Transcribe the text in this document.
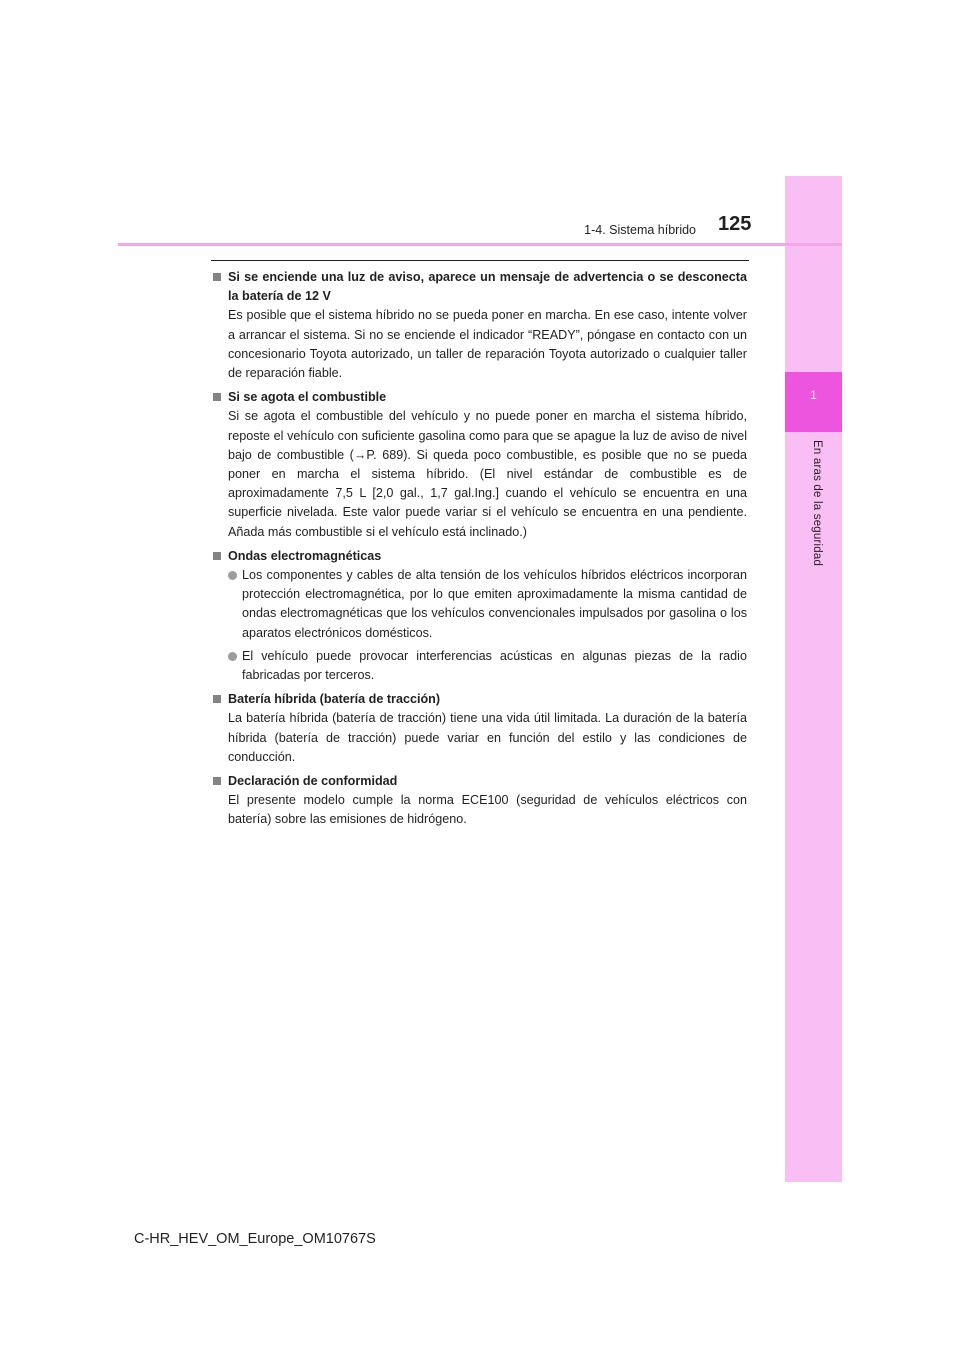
1
En aras de la seguridad
1-4. Sistema híbrido 125
Si se enciende una luz de aviso, aparece un mensaje de advertencia o se desconecta la batería de 12 V
Es posible que el sistema híbrido no se pueda poner en marcha. En ese caso, intente volver a arrancar el sistema. Si no se enciende el indicador “READY”, póngase en contacto con un concesionario Toyota autorizado, un taller de reparación Toyota autorizado o cualquier taller de reparación fiable.
Si se agota el combustible
Si se agota el combustible del vehículo y no puede poner en marcha el sistema híbrido, reposte el vehículo con suficiente gasolina como para que se apague la luz de aviso de nivel bajo de combustible (→P. 689). Si queda poco combustible, es posible que no se pueda poner en marcha el sistema híbrido. (El nivel estándar de combustible es de aproximadamente 7,5 L [2,0 gal., 1,7 gal.Ing.] cuando el vehículo se encuentra en una superficie nivelada. Este valor puede variar si el vehículo se encuentra en una pendiente. Añada más combustible si el vehículo está inclinado.)
Ondas electromagnéticas
Los componentes y cables de alta tensión de los vehículos híbridos eléctricos incorporan protección electromagnética, por lo que emiten aproximadamente la misma cantidad de ondas electromagnéticas que los vehículos convencionales impulsados por gasolina o los aparatos electrónicos domésticos.
El vehículo puede provocar interferencias acústicas en algunas piezas de la radio fabricadas por terceros.
Batería híbrida (batería de tracción)
La batería híbrida (batería de tracción) tiene una vida útil limitada. La duración de la batería híbrida (batería de tracción) puede variar en función del estilo y las condiciones de conducción.
Declaración de conformidad
El presente modelo cumple la norma ECE100 (seguridad de vehículos eléctricos con batería) sobre las emisiones de hidrógeno.
C-HR_HEV_OM_Europe_OM10767S
